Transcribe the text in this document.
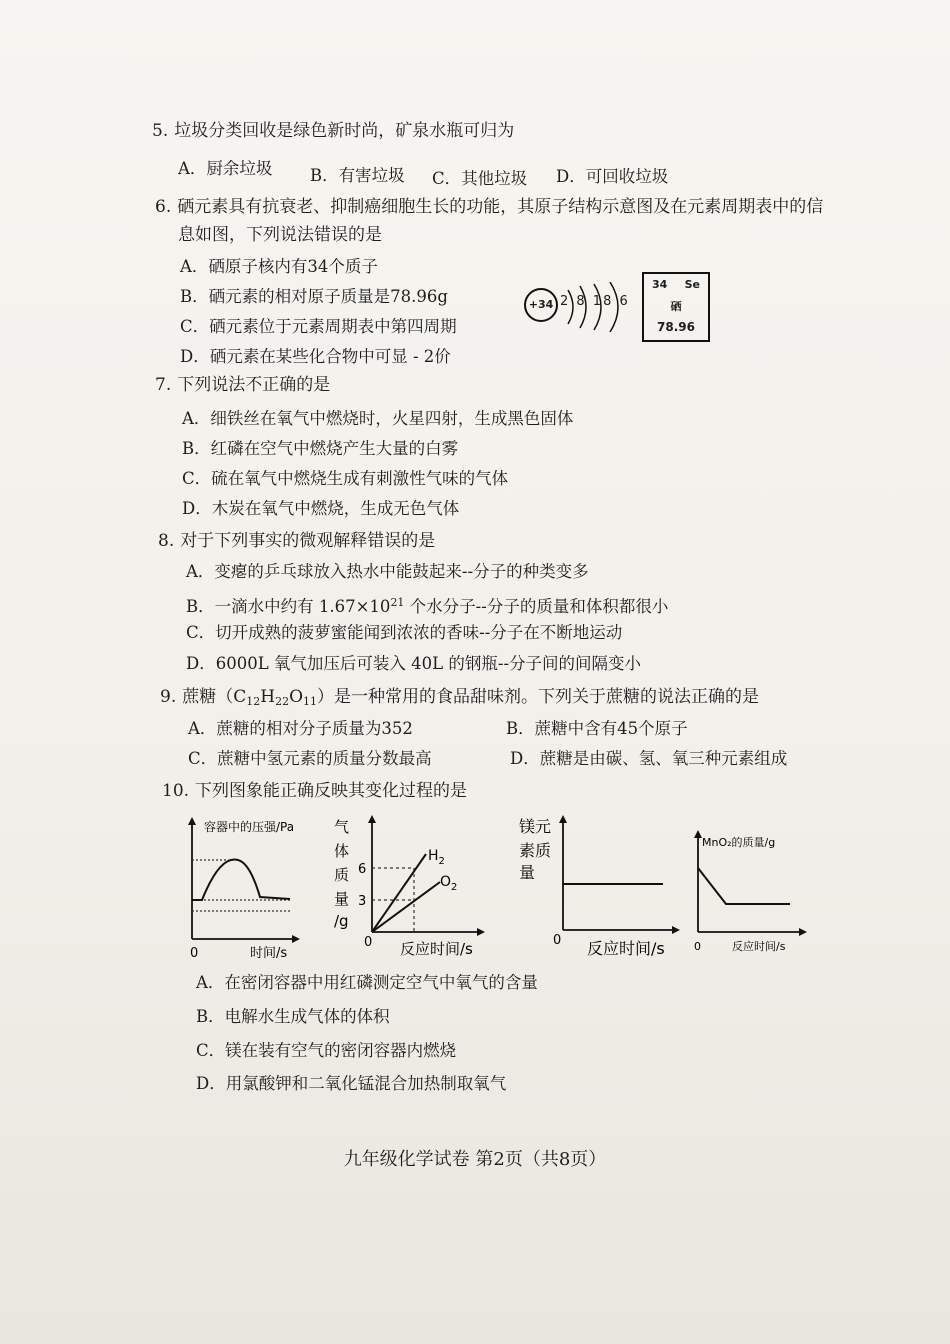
5. 垃圾分类回收是绿色新时尚，矿泉水瓶可归为
A．厨余垃圾 B．有害垃圾 C．其他垃圾 D．可回收垃圾
6. 硒元素具有抗衰老、抑制癌细胞生长的功能，其原子结构示意图及在元素周期表中的信
息如图，下列说法错误的是
A．硒原子核内有34个质子
B．硒元素的相对原子质量是78.96g
C．硒元素位于元素周期表中第四周期
D．硒元素在某些化合物中可显 - 2价
+34 2 8 18 6
34 Se
硒
78.96
7. 下列说法不正确的是
A．细铁丝在氧气中燃烧时，火星四射，生成黑色固体
B．红磷在空气中燃烧产生大量的白雾
C．硫在氧气中燃烧生成有刺激性气味的气体
D．木炭在氧气中燃烧，生成无色气体
8. 对于下列事实的微观解释错误的是
A．变瘪的乒乓球放入热水中能鼓起来--分子的种类变多
B．一滴水中约有 $1.67\times 10^{21}$ 个水分子--分子的质量和体积都很小
C．切开成熟的菠萝蜜能闻到浓浓的香味--分子在不断地运动
D．6000L 氧气加压后可装入 40L 的钢瓶--分子间的间隔变小
9. 蔗糖$(C_{12}H_{22}O_{11})$是一种常用的食品甜味剂。下列关于蔗糖的说法正确的是
A．蔗糖的相对分子质量为352	B．蔗糖中含有45个原子
C．蔗糖中氢元素的质量分数最高	D．蔗糖是由碳、氢、氧三种元素组成
10. 下列图象能正确反映其变化过程的是
容器中的压强/Pa
0	时间/s
气
体
质
量
/g
6
3
$H_2$
$O_2$
0 反应时间/s
镁元
素质
量
0 反应时间/s
MnO₂的质量/g
0	反应时间/s
A．在密闭容器中用红磷测定空气中氧气的含量
B．电解水生成气体的体积
C．镁在装有空气的密闭容器内燃烧
D．用氯酸钾和二氧化锰混合加热制取氧气
九年级化学试卷 第2页（共8页）
